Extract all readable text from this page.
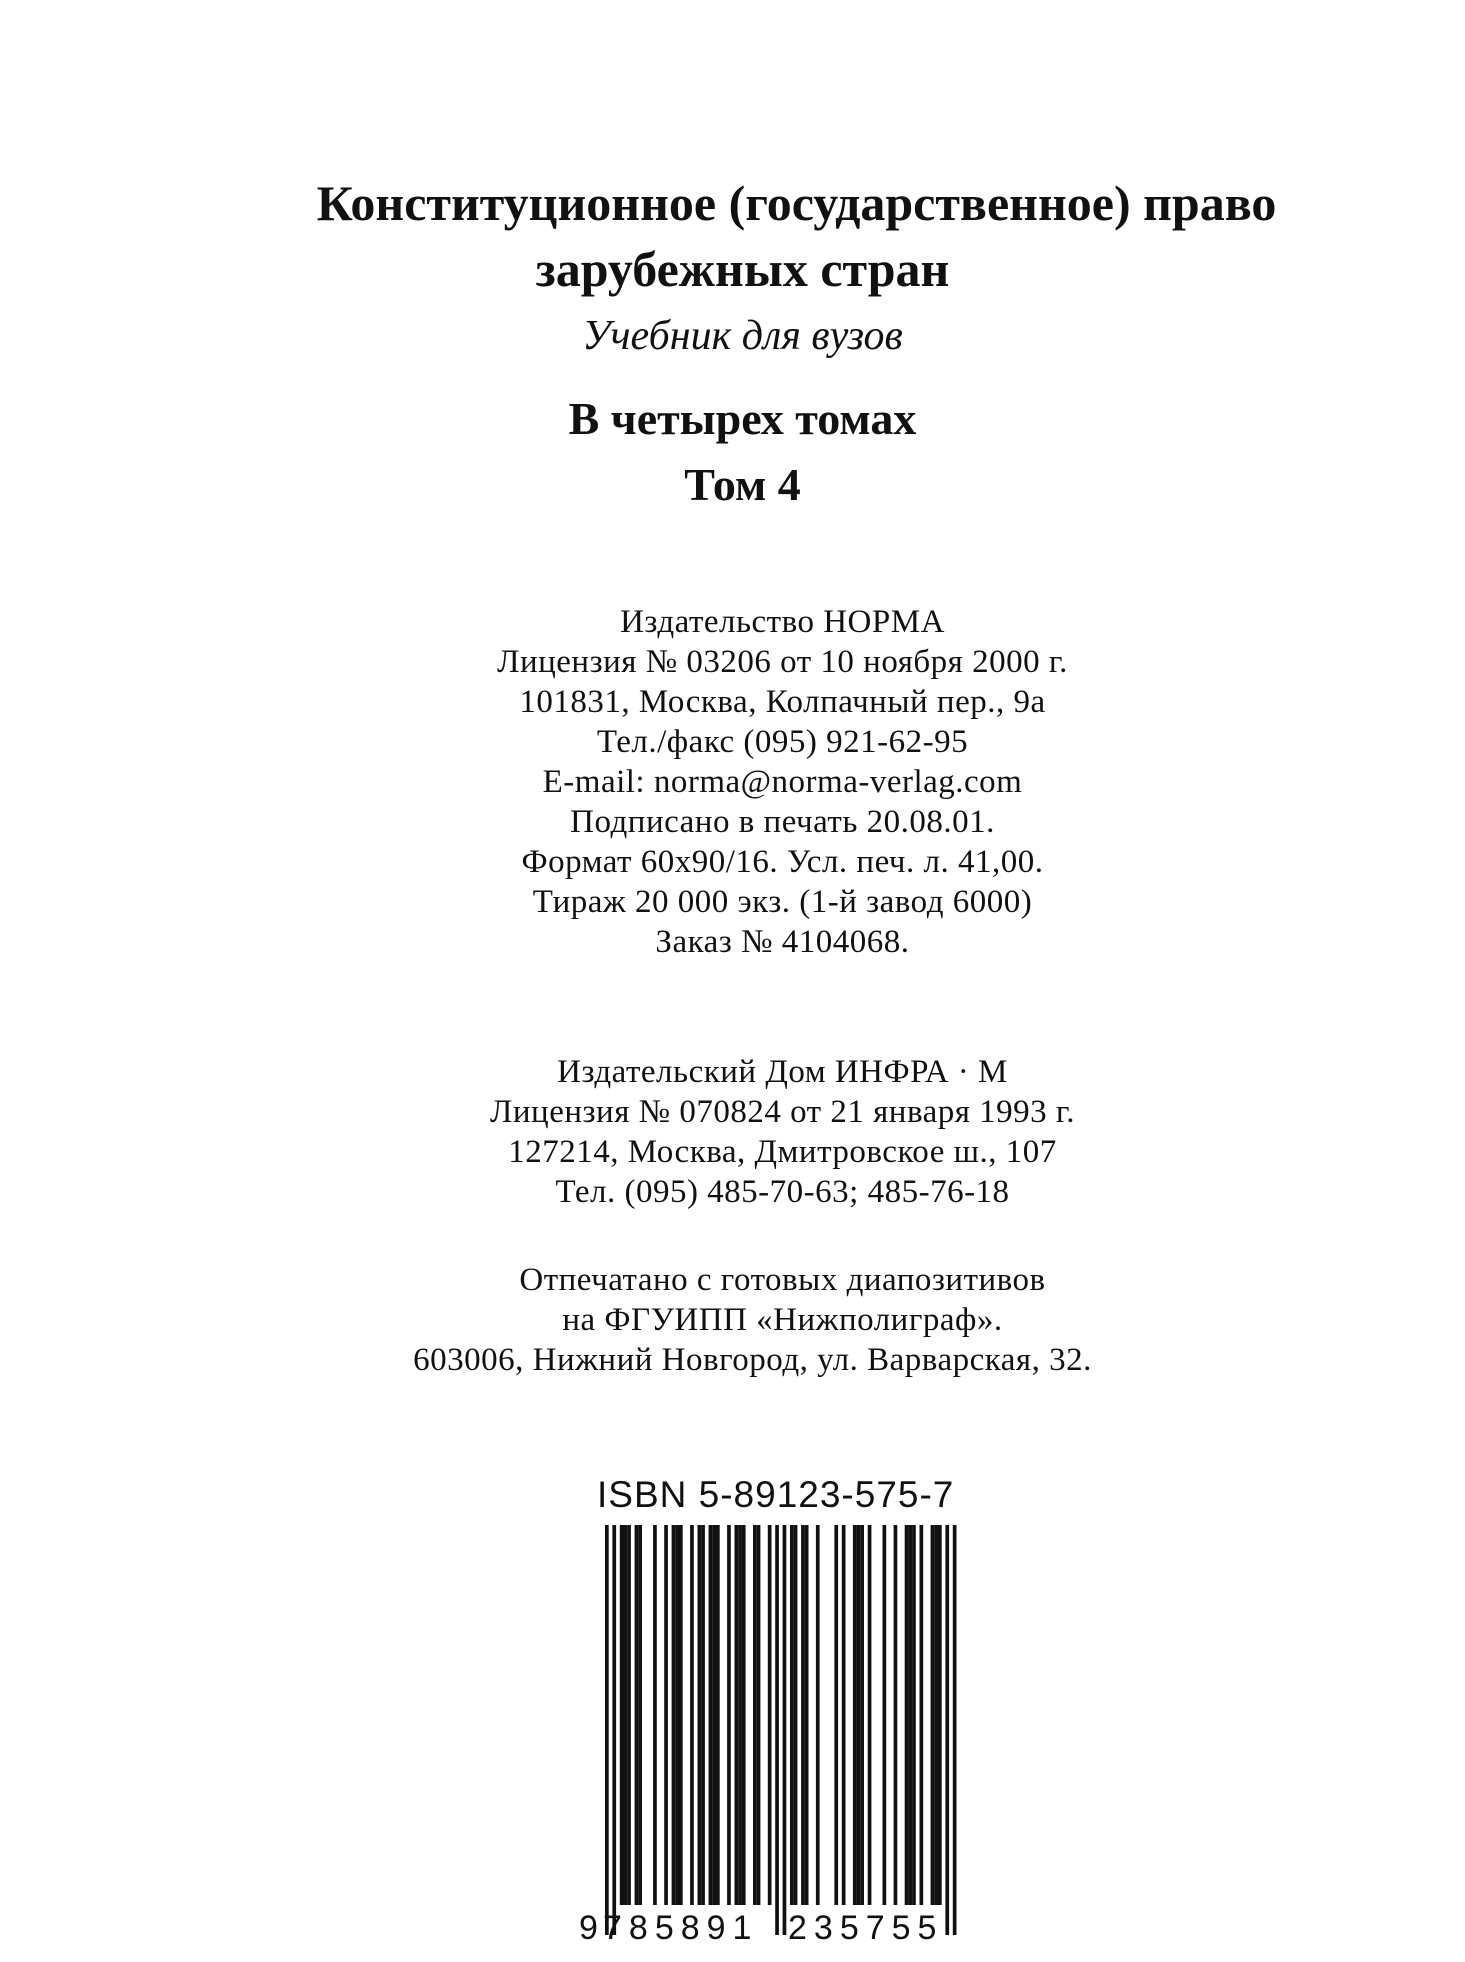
Конституционное (государственное) право
зарубежных стран
Учебник для вузов
В четырех томах
Том 4
Издательство НОРМА
Лицензия № 03206 от 10 ноября 2000 г.
101831, Москва, Колпачный пер., 9а
Тел./факс (095) 921-62-95
E-mail: norma@norma-verlag.com
Подписано в печать 20.08.01.
Формат 60х90/16. Усл. печ. л. 41,00.
Тираж 20 000 экз. (1-й завод 6000)
Заказ № 4104068.
Издательский Дом ИНФРА · М
Лицензия № 070824 от 21 января 1993 г.
127214, Москва, Дмитровское ш., 107
Тел. (095) 485-70-63; 485-76-18
Отпечатано с готовых диапозитивов
на ФГУИПП «Нижполиграф».
603006, Нижний Новгород, ул. Варварская, 32.
ISBN 5-89123-575-7
9
785891 235755
